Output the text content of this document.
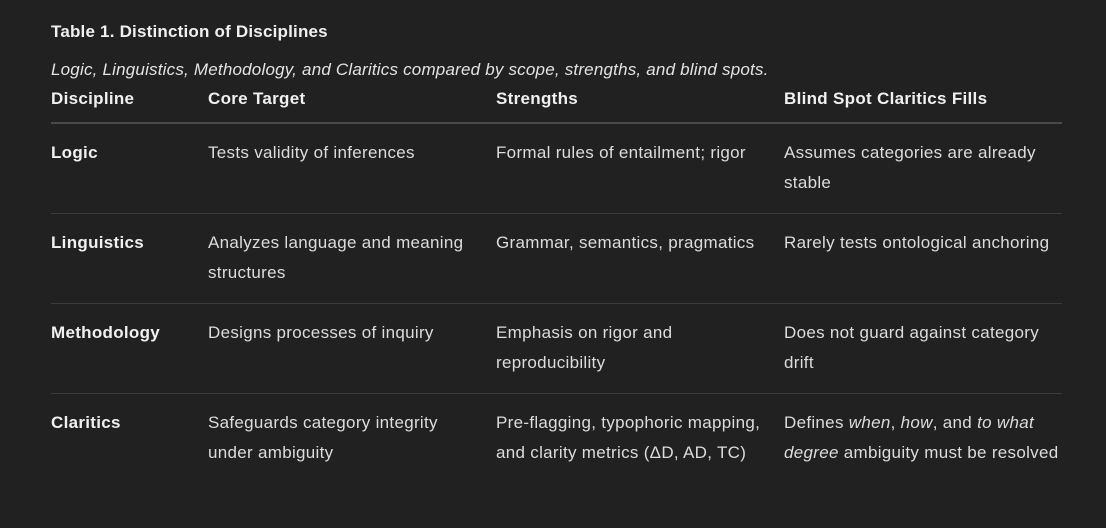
Table 1. Distinction of Disciplines
Logic, Linguistics, Methodology, and Claritics compared by scope, strengths, and blind spots.
Discipline	Core Target	Strengths	Blind Spot Claritics Fills
Logic	Tests validity of inferences	Formal rules of entailment; rigor	Assumes categories are already stable
Linguistics	Analyzes language and meaning structures	Grammar, semantics, pragmatics	Rarely tests ontological anchoring
Methodology	Designs processes of inquiry	Emphasis on rigor and reproducibility	Does not guard against category drift
Claritics	Safeguards category integrity under ambiguity	Pre-flagging, typophoric mapping, and clarity metrics (ΔD, AD, TC)	Defines when, how, and to what degree ambiguity must be resolved
